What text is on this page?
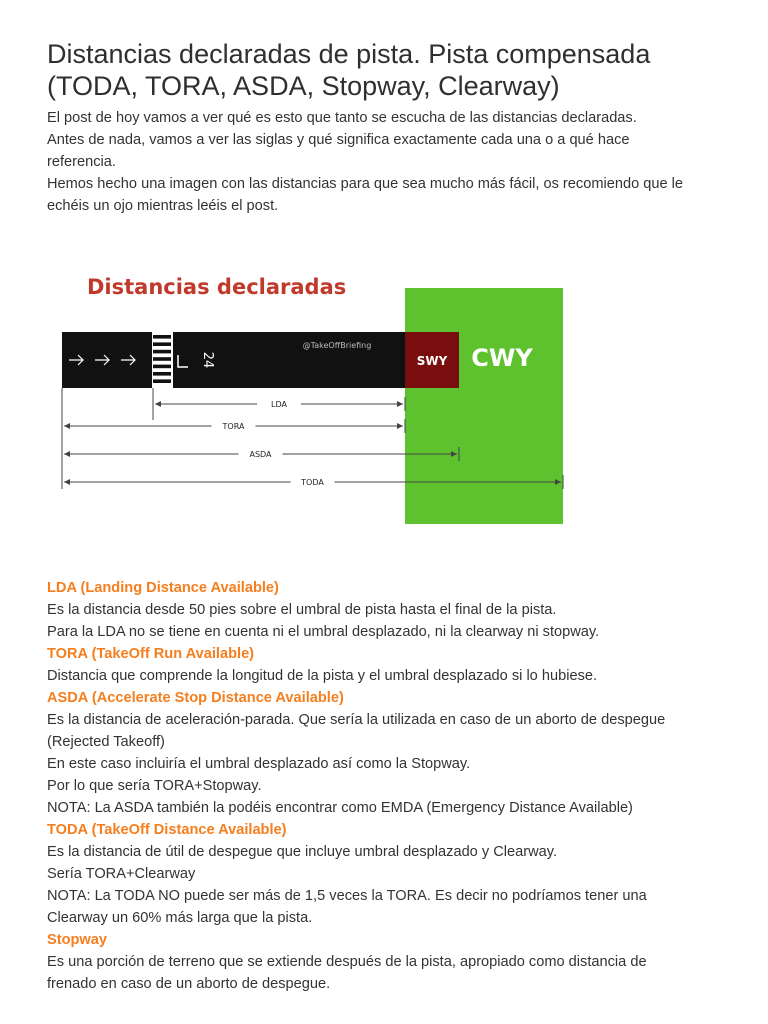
Distancias declaradas de pista. Pista compensada
(TODA, TORA, ASDA, Stopway, Clearway)

El post de hoy vamos a ver qué es esto que tanto se escucha de las distancias declaradas.

Antes de nada, vamos a ver las siglas y qué significa exactamente cada una o a qué hace

referencia.

Hemos hecho una imagen con las distancias para que sea mucho más fácil, os recomiendo que le

echéis un ojo mientras leéis el post.

Distancias declaradas
CWY
SWY
24
@TakeOffBriefing
LDA
TORA
ASDA
TODA
LDA (Landing Distance Available)

Es la distancia desde 50 pies sobre el umbral de pista hasta el final de la pista.

Para la LDA no se tiene en cuenta ni el umbral desplazado, ni la clearway ni stopway.

TORA (TakeOff Run Available)

Distancia que comprende la longitud de la pista y el umbral desplazado si lo hubiese.

ASDA (Accelerate Stop Distance Available)

Es la distancia de aceleración-parada. Que sería la utilizada en caso de un aborto de despegue

(Rejected Takeoff)

En este caso incluiría el umbral desplazado así como la Stopway.

Por lo que sería TORA+Stopway.

NOTA: La ASDA también la podéis encontrar como EMDA (Emergency Distance Available)

TODA (TakeOff Distance Available)

Es la distancia de útil de despegue que incluye umbral desplazado y Clearway.

Sería TORA+Clearway

NOTA: La TODA NO puede ser más de 1,5 veces la TORA. Es decir no podríamos tener una

Clearway un 60% más larga que la pista.

Stopway

Es una porción de terreno que se extiende después de la pista, apropiado como distancia de

frenado en caso de un aborto de despegue.
